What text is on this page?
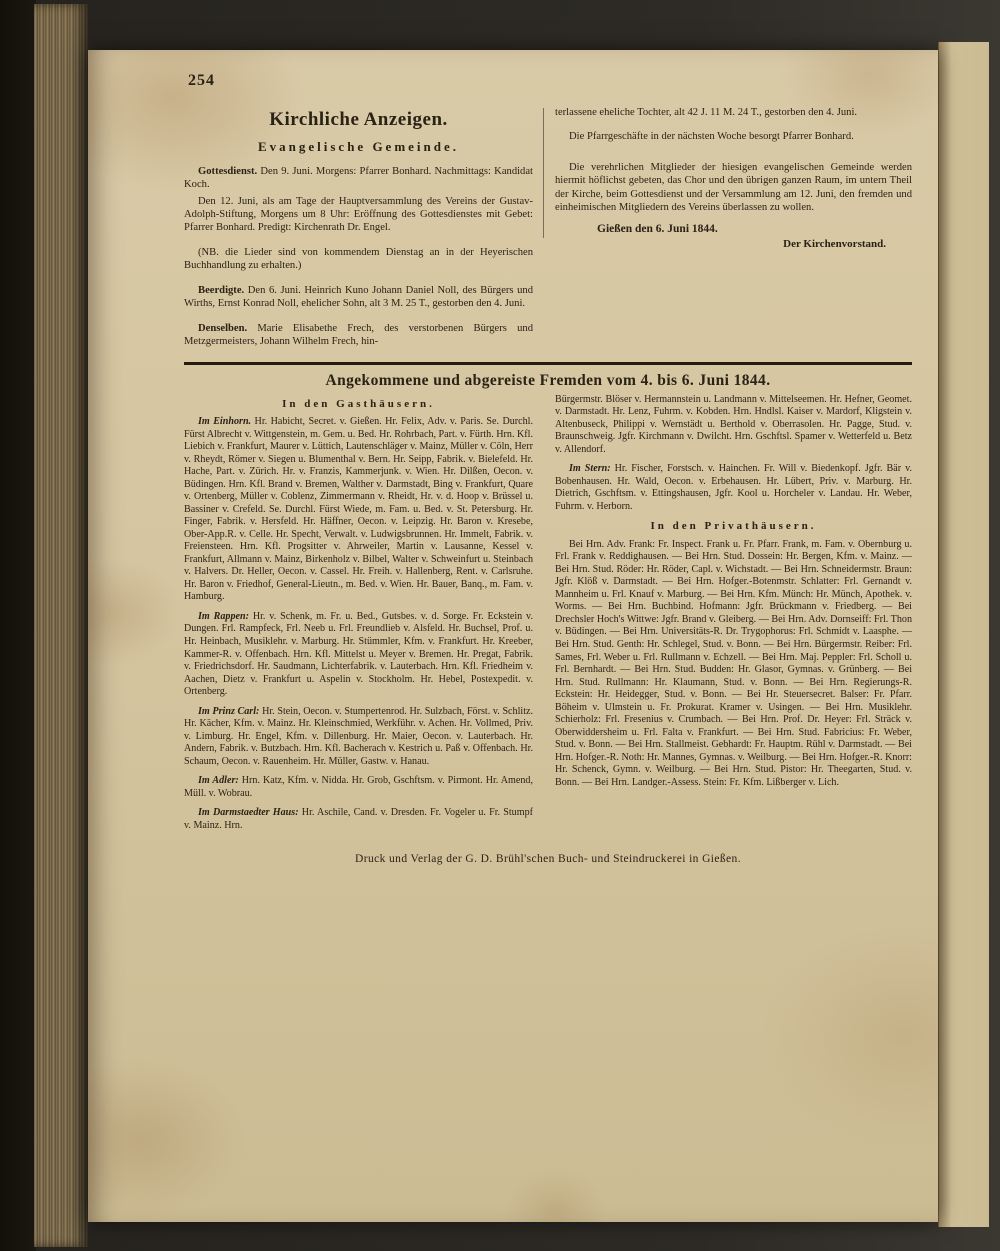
254
Kirchliche Anzeigen.
Evangelische Gemeinde.

Gottesdienst. Den 9. Juni. Morgens: Pfarrer Bonhard. Nachmittags: Kandidat Koch.

Den 12. Juni, als am Tage der Hauptversammlung des Vereins der Gustav-Adolph-Stiftung, Morgens um 8 Uhr: Eröffnung des Gottesdienstes mit Gebet: Pfarrer Bonhard. Predigt: Kirchenrath Dr. Engel.

(NB. die Lieder sind von kommendem Dienstag an in der Heyerischen Buchhandlung zu erhalten.)

Beerdigte. Den 6. Juni. Heinrich Kuno Johann Daniel Noll, des Bürgers und Wirths, Ernst Konrad Noll, ehelicher Sohn, alt 3 M. 25 T., gestorben den 4. Juni.

Denselben. Marie Elisabethe Frech, des verstorbenen Bürgers und Metzgermeisters, Johann Wilhelm Frech, hin-

terlassene eheliche Tochter, alt 42 J. 11 M. 24 T., gestorben den 4. Juni.

Die Pfarrgeschäfte in der nächsten Woche besorgt Pfarrer Bonhard.

Die verehrlichen Mitglieder der hiesigen evangelischen Gemeinde werden hiermit höflichst gebeten, das Chor und den übrigen ganzen Raum, im untern Theil der Kirche, beim Gottesdienst und der Versammlung am 12. Juni, den fremden und einheimischen Mitgliedern des Vereins überlassen zu wollen.

Gießen den 6. Juni 1844.

Der Kirchenvorstand.

Angekommene und abgereiste Fremden vom 4. bis 6. Juni 1844.
In den Gasthäusern.

Im Einhorn. Hr. Habicht, Secret. v. Gießen. Hr. Felix, Adv. v. Paris. Se. Durchl. Fürst Albrecht v. Wittgenstein, m. Gem. u. Bed. Hr. Rohrbach, Part. v. Fürth. Hrn. Kfl. Liebich v. Frankfurt, Maurer v. Lüttich, Lautenschläger v. Mainz, Müller v. Cöln, Herr v. Rheydt, Römer v. Siegen u. Blumenthal v. Bern. Hr. Seipp, Fabrik. v. Bielefeld. Hr. Hache, Part. v. Zürich. Hr. v. Franzis, Kammerjunk. v. Wien. Hr. Dilßen, Oecon. v. Büdingen. Hrn. Kfl. Brand v. Bremen, Walther v. Darmstadt, Bing v. Frankfurt, Quare v. Ortenberg, Müller v. Coblenz, Zimmermann v. Rheidt, Hr. v. d. Hoop v. Brüssel u. Bassiner v. Crefeld. Se. Durchl. Fürst Wiede, m. Fam. u. Bed. v. St. Petersburg. Hr. Finger, Fabrik. v. Hersfeld. Hr. Häffner, Oecon. v. Leipzig. Hr. Baron v. Kresebe, Ober-App.R. v. Celle. Hr. Specht, Verwalt. v. Ludwigsbrunnen. Hr. Immelt, Fabrik. v. Freiensteen. Hrn. Kfl. Progsitter v. Ahrweiler, Martin v. Lausanne, Kessel v. Frankfurt, Allmann v. Mainz, Birkenholz v. Bilbel, Walter v. Schweinfurt u. Steinbach v. Halvers. Dr. Heller, Oecon. v. Cassel. Hr. Freih. v. Hallenberg, Rent. v. Carlsruhe. Hr. Baron v. Friedhof, General-Lieutn., m. Bed. v. Wien. Hr. Bauer, Banq., m. Fam. v. Hamburg.

Im Rappen: Hr. v. Schenk, m. Fr. u. Bed., Gutsbes. v. d. Sorge. Fr. Eckstein v. Dungen. Frl. Rampfeck, Frl. Neeb u. Frl. Freundlieb v. Alsfeld. Hr. Buchsel, Prof. u. Hr. Heinbach, Musiklehr. v. Marburg. Hr. Stümmler, Kfm. v. Frankfurt. Hr. Kreeber, Kammer-R. v. Offenbach. Hrn. Kfl. Mittelst u. Meyer v. Bremen. Hr. Pregat, Fabrik. v. Friedrichsdorf. Hr. Saudmann, Lichterfabrik. v. Lauterbach. Hrn. Kfl. Friedheim v. Aachen, Dietz v. Frankfurt u. Aspelin v. Stockholm. Hr. Hebel, Postexpedit. v. Ortenberg.

Im Prinz Carl: Hr. Stein, Oecon. v. Stumpertenrod. Hr. Sulzbach, Först. v. Schlitz. Hr. Kächer, Kfm. v. Mainz. Hr. Kleinschmied, Werkführ. v. Achen. Hr. Vollmed, Priv. v. Limburg. Hr. Engel, Kfm. v. Dillenburg. Hr. Maier, Oecon. v. Lauterbach. Hr. Andern, Fabrik. v. Butzbach. Hrn. Kfl. Bacherach v. Kestrich u. Paß v. Offenbach. Hr. Schaum, Oecon. v. Rauenheim. Hr. Müller, Gastw. v. Hanau.

Im Adler: Hrn. Katz, Kfm. v. Nidda. Hr. Grob, Gschftsm. v. Pirmont. Hr. Amend, Müll. v. Wobrau.

Im Darmstaedter Haus: Hr. Aschile, Cand. v. Dresden. Fr. Vogeler u. Fr. Stumpf v. Mainz. Hrn.

Bürgermstr. Blöser v. Hermannstein u. Landmann v. Mittelseemen. Hr. Hefner, Geomet. v. Darmstadt. Hr. Lenz, Fuhrm. v. Kobden. Hrn. Hndlsl. Kaiser v. Mardorf, Kligstein v. Altenbuseck, Philippi v. Wernstädt u. Berthold v. Oberrasolen. Hr. Pagge, Stud. v. Braunschweig. Jgfr. Kirchmann v. Dwilcht. Hrn. Gschftsl. Spamer v. Wetterfeld u. Betz v. Allendorf.

Im Stern: Hr. Fischer, Forstsch. v. Hainchen. Fr. Will v. Biedenkopf. Jgfr. Bär v. Bobenhausen. Hr. Wald, Oecon. v. Erbehausen. Hr. Lübert, Priv. v. Marburg. Hr. Dietrich, Gschftsm. v. Ettingshausen, Jgfr. Kool u. Horcheler v. Landau. Hr. Weber, Fuhrm. v. Herborn.

In den Privathäusern.

Bei Hrn. Adv. Frank: Fr. Inspect. Frank u. Fr. Pfarr. Frank, m. Fam. v. Obernburg u. Frl. Frank v. Reddighausen. — Bei Hrn. Stud. Dossein: Hr. Bergen, Kfm. v. Mainz. — Bei Hrn. Stud. Röder: Hr. Röder, Capl. v. Wichstadt. — Bei Hrn. Schneidermstr. Braun: Jgfr. Klöß v. Darmstadt. — Bei Hrn. Hofger.-Botenmstr. Schlatter: Frl. Gernandt v. Mannheim u. Frl. Knauf v. Marburg. — Bei Hrn. Kfm. Münch: Hr. Münch, Apothek. v. Worms. — Bei Hrn. Buchbind. Hofmann: Jgfr. Brückmann v. Friedberg. — Bei Drechsler Hoch's Wittwe: Jgfr. Brand v. Gleiberg. — Bei Hrn. Adv. Dornseiff: Frl. Thon v. Büdingen. — Bei Hrn. Universitäts-R. Dr. Trygophorus: Frl. Schmidt v. Laasphe. — Bei Hrn. Stud. Genth: Hr. Schlegel, Stud. v. Bonn. — Bei Hrn. Bürgermstr. Reiber: Frl. Sames, Frl. Weber u. Frl. Rullmann v. Echzell. — Bei Hrn. Maj. Peppler: Frl. Scholl u. Frl. Bernhardt. — Bei Hrn. Stud. Budden: Hr. Glasor, Gymnas. v. Grünberg. — Bei Hrn. Stud. Rullmann: Hr. Klaumann, Stud. v. Bonn. — Bei Hrn. Regierungs-R. Eckstein: Hr. Heidegger, Stud. v. Bonn. — Bei Hr. Steuersecret. Balser: Fr. Pfarr. Böheim v. Ulmstein u. Fr. Prokurat. Kramer v. Usingen. — Bei Hrn. Musiklehr. Schierholz: Frl. Fresenius v. Crumbach. — Bei Hrn. Prof. Dr. Heyer: Frl. Sträck v. Oberwiddersheim u. Frl. Falta v. Frankfurt. — Bei Hrn. Stud. Fabricius: Fr. Weber, Stud. v. Bonn. — Bei Hrn. Stallmeist. Gebhardt: Fr. Hauptm. Rühl v. Darmstadt. — Bei Hrn. Hofger.-R. Noth: Hr. Mannes, Gymnas. v. Weilburg. — Bei Hrn. Hofger.-R. Knorr: Hr. Schenck, Gymn. v. Weilburg. — Bei Hrn. Stud. Pistor: Hr. Theegarten, Stud. v. Bonn. — Bei Hrn. Landger.-Assess. Stein: Fr. Kfm. Lißberger v. Lich.

Druck und Verlag der G. D. Brühl'schen Buch- und Steindruckerei in Gießen.
